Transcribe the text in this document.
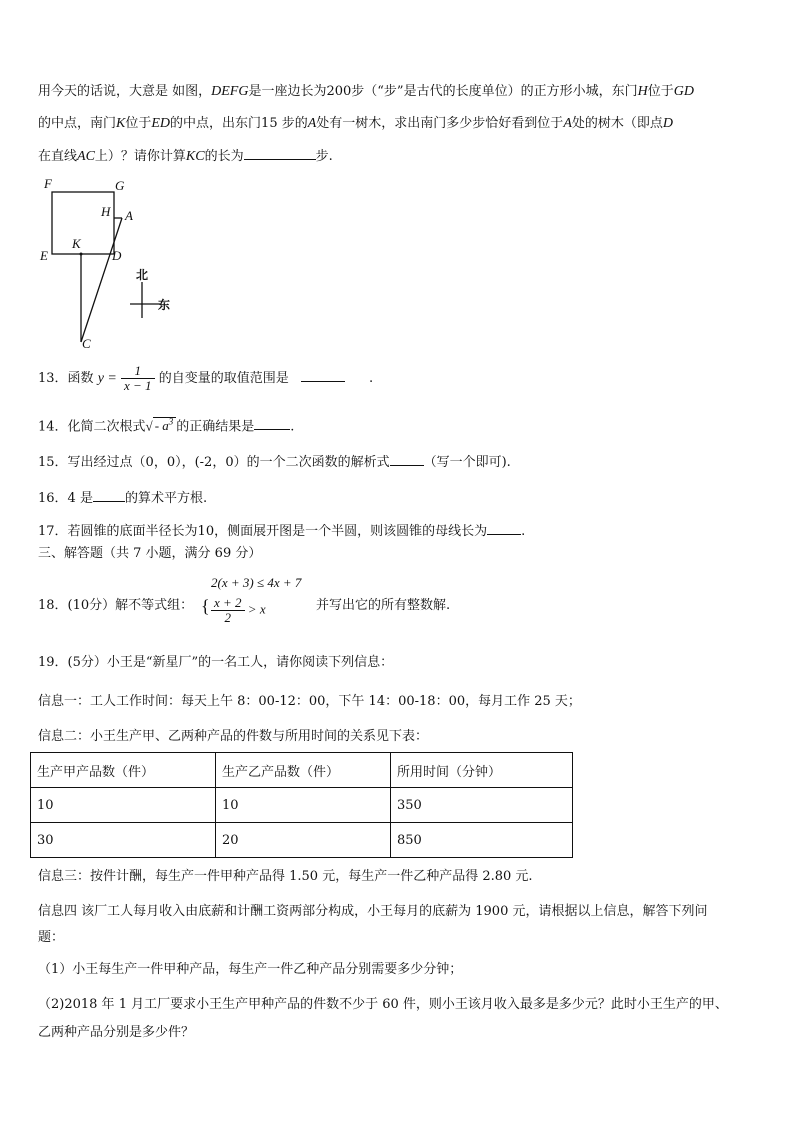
用今天的话说，大意是 如图，DEFG是一座边长为200步（“步”是古代的长度单位）的正方形小城，东门H位于GD
的中点，南门K位于ED的中点，出东门15 步的A处有一树木，求出南门多少步恰好看到位于A处的树木（即点D
在直线AC上）？请你计算KC的长为	步.
F	G
H A
E
K
D
C
北
东
13．函数 $y = \frac{1}{x - 1}$ 的自变量的取值范围是	.
14．化简二次根式√ - $a^3$ 的正确结果是	.
15．写出经过点（0，0），(-2，0）的一个二次函数的解析式	（写一个即可).
16．4 是 的算术平方根.
17．若圆锥的底面半径长为10，侧面展开图是一个半圆，则该圆锥的母线长为	.
三、解答题（共 7 小题，满分 69 分）
18．(10分）解不等式组：
2(x + 3) ≤ 4x + 7
{ $\frac{x + 2}{2} > x$	并写出它的所有整数解.
19．(5分）小王是“新星厂”的一名工人，请你阅读下列信息：
信息一：工人工作时间：每天上午 8：00-12：00，下午 14：00-18：00，每月工作 25 天；
信息二：小王生产甲、乙两种产品的件数与所用时间的关系见下表：
生产甲产品数（件）	生产乙产品数（件）	所用时间（分钟）
10	10	350
30	20	850
信息三：按件计酬，每生产一件甲种产品得 1.50 元，每生产一件乙种产品得 2.80 元.
信息四 该厂工人每月收入由底薪和计酬工资两部分构成，小王每月的底薪为 1900 元，请根据以上信息，解答下列问
题：
（1）小王每生产一件甲种产品，每生产一件乙种产品分别需要多少分钟；
（2)2018 年 1 月工厂要求小王生产甲种产品的件数不少于 60 件，则小王该月收入最多是多少元？此时小王生产的甲、
乙两种产品分别是多少件？
